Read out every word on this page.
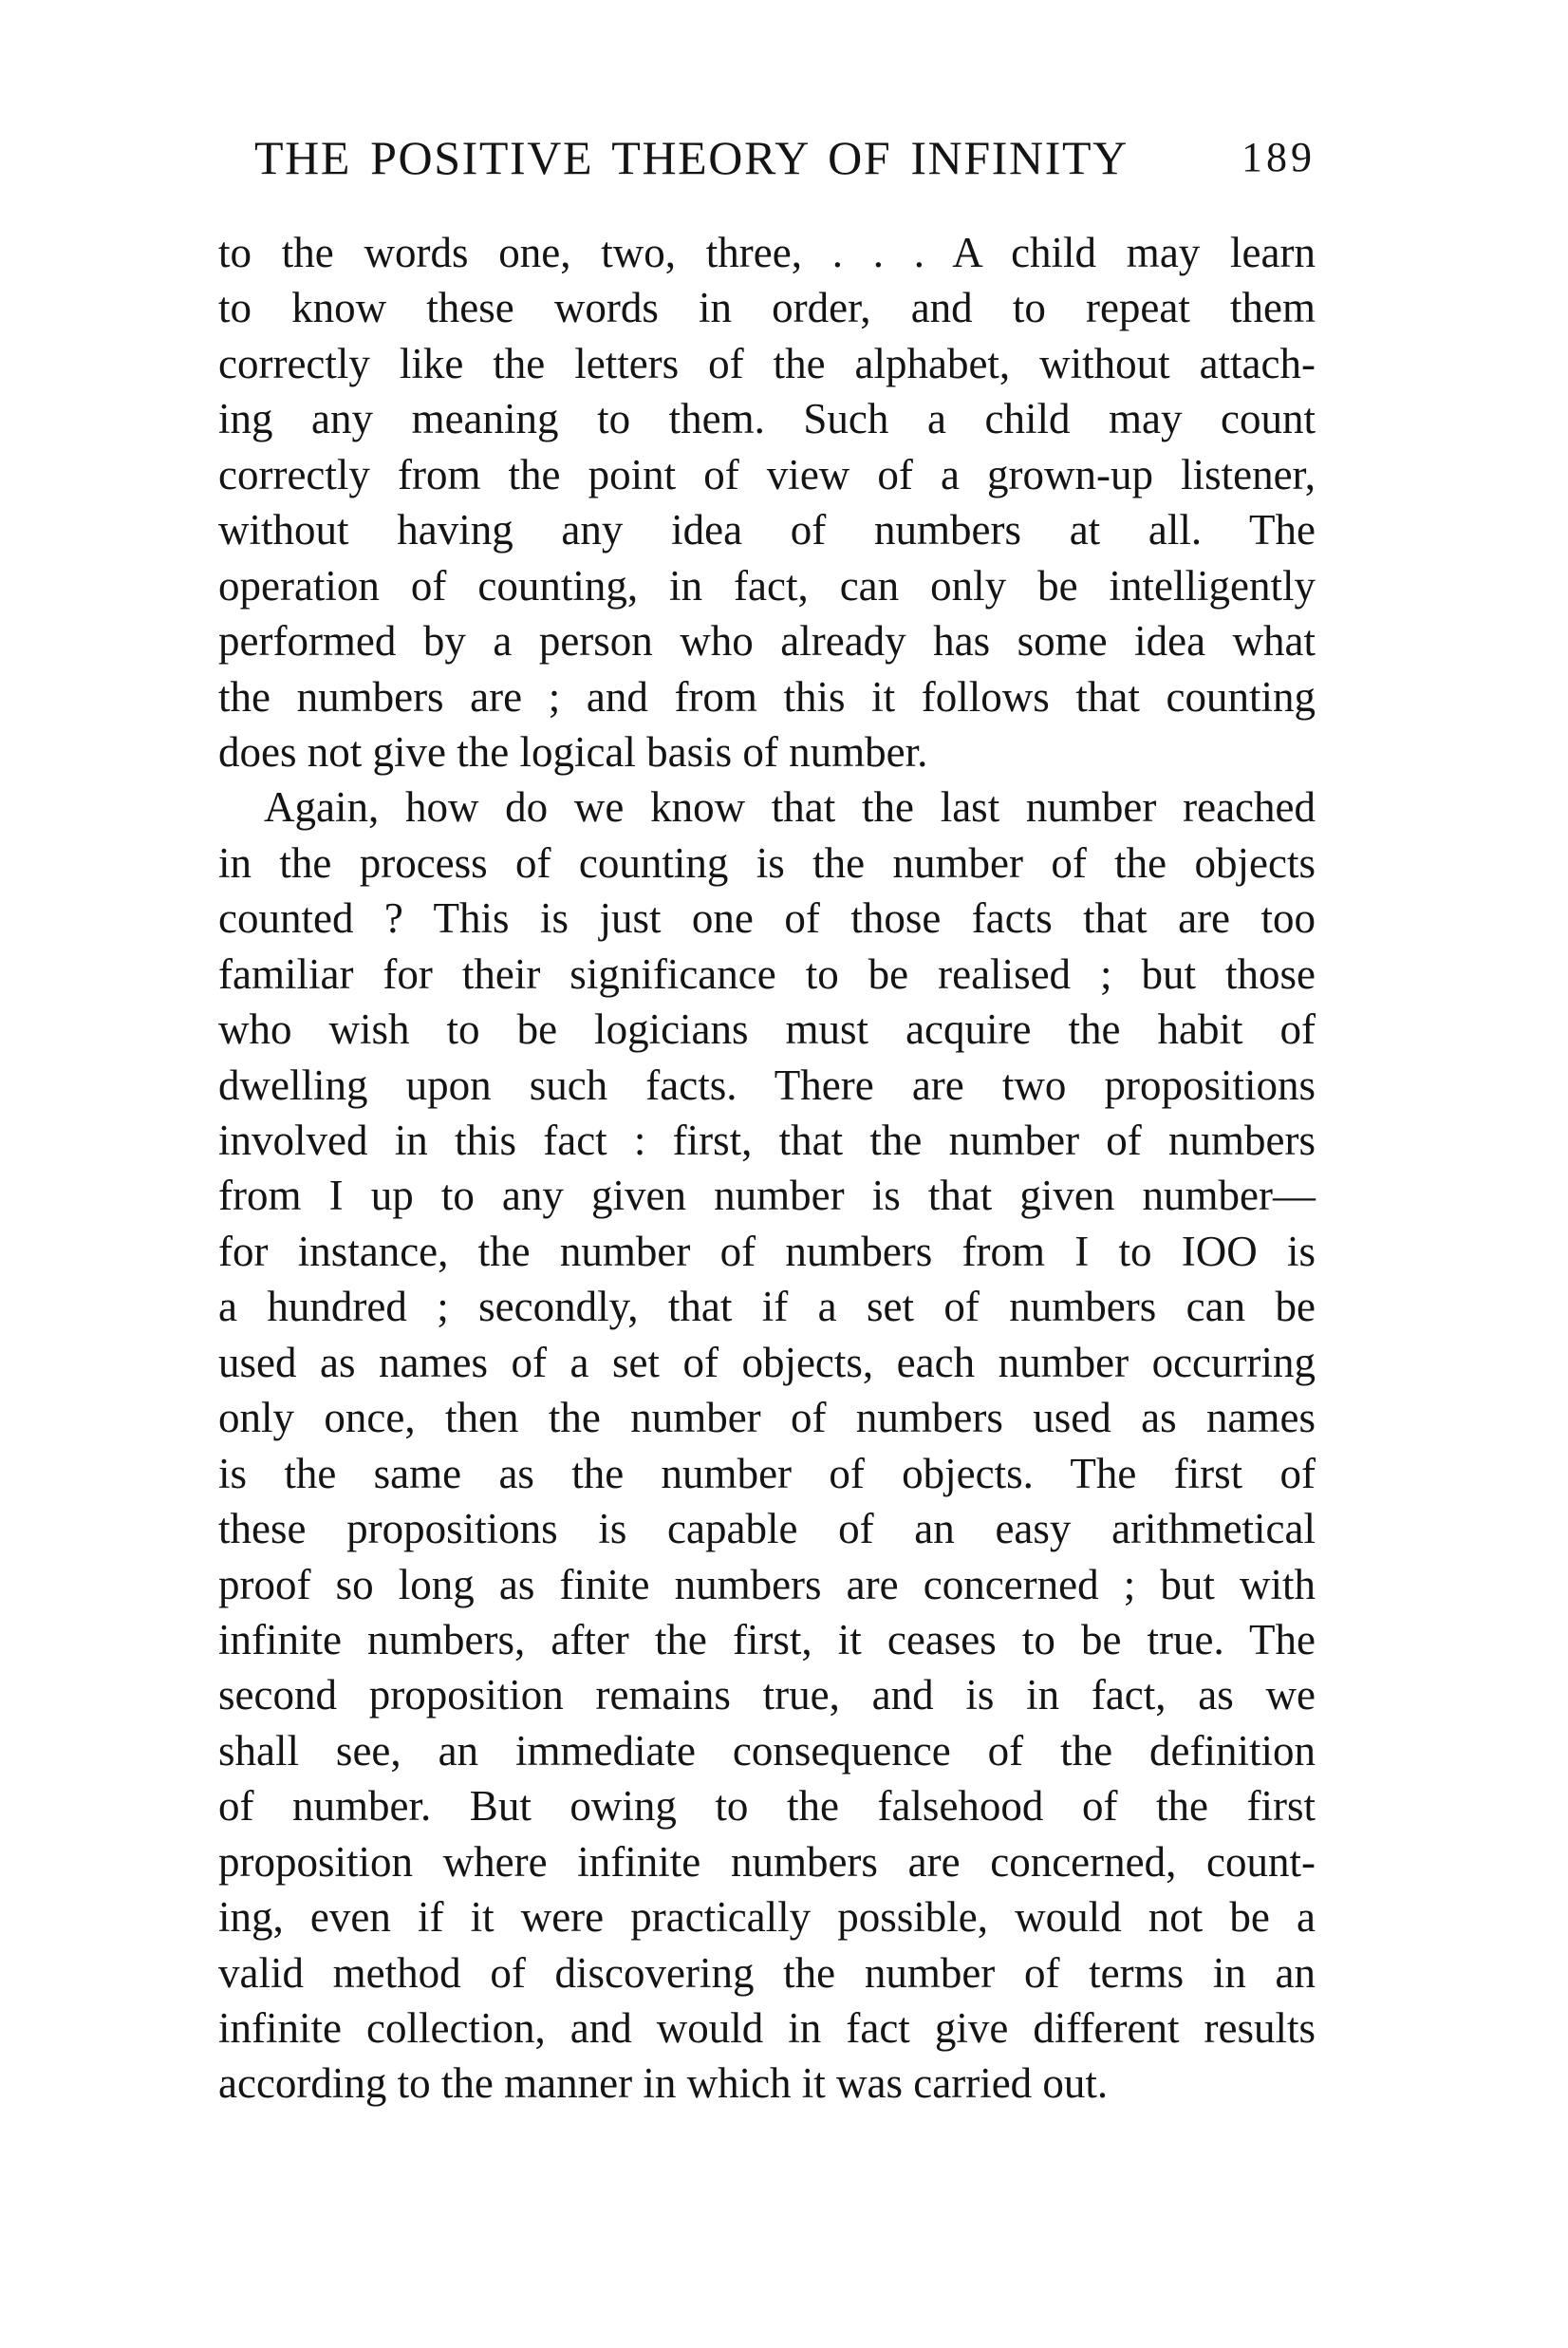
THE POSITIVE THEORY OF INFINITY	189
to the words one, two, three, . . . A child may learn
to know these words in order, and to repeat them
correctly like the letters of the alphabet, without attach-
ing any meaning to them. Such a child may count
correctly from the point of view of a grown-up listener,
without having any idea of numbers at all. The
operation of counting, in fact, can only be intelligently
performed by a person who already has some idea what
the numbers are ; and from this it follows that counting
does not give the logical basis of number.
Again, how do we know that the last number reached
in the process of counting is the number of the objects
counted ? This is just one of those facts that are too
familiar for their significance to be realised ; but those
who wish to be logicians must acquire the habit of
dwelling upon such facts. There are two propositions
involved in this fact : first, that the number of numbers
from I up to any given number is that given number—
for instance, the number of numbers from I to IOO is
a hundred ; secondly, that if a set of numbers can be
used as names of a set of objects, each number occurring
only once, then the number of numbers used as names
is the same as the number of objects. The first of
these propositions is capable of an easy arithmetical
proof so long as finite numbers are concerned ; but with
infinite numbers, after the first, it ceases to be true. The
second proposition remains true, and is in fact, as we
shall see, an immediate consequence of the definition
of number. But owing to the falsehood of the first
proposition where infinite numbers are concerned, count-
ing, even if it were practically possible, would not be a
valid method of discovering the number of terms in an
infinite collection, and would in fact give different results
according to the manner in which it was carried out.
